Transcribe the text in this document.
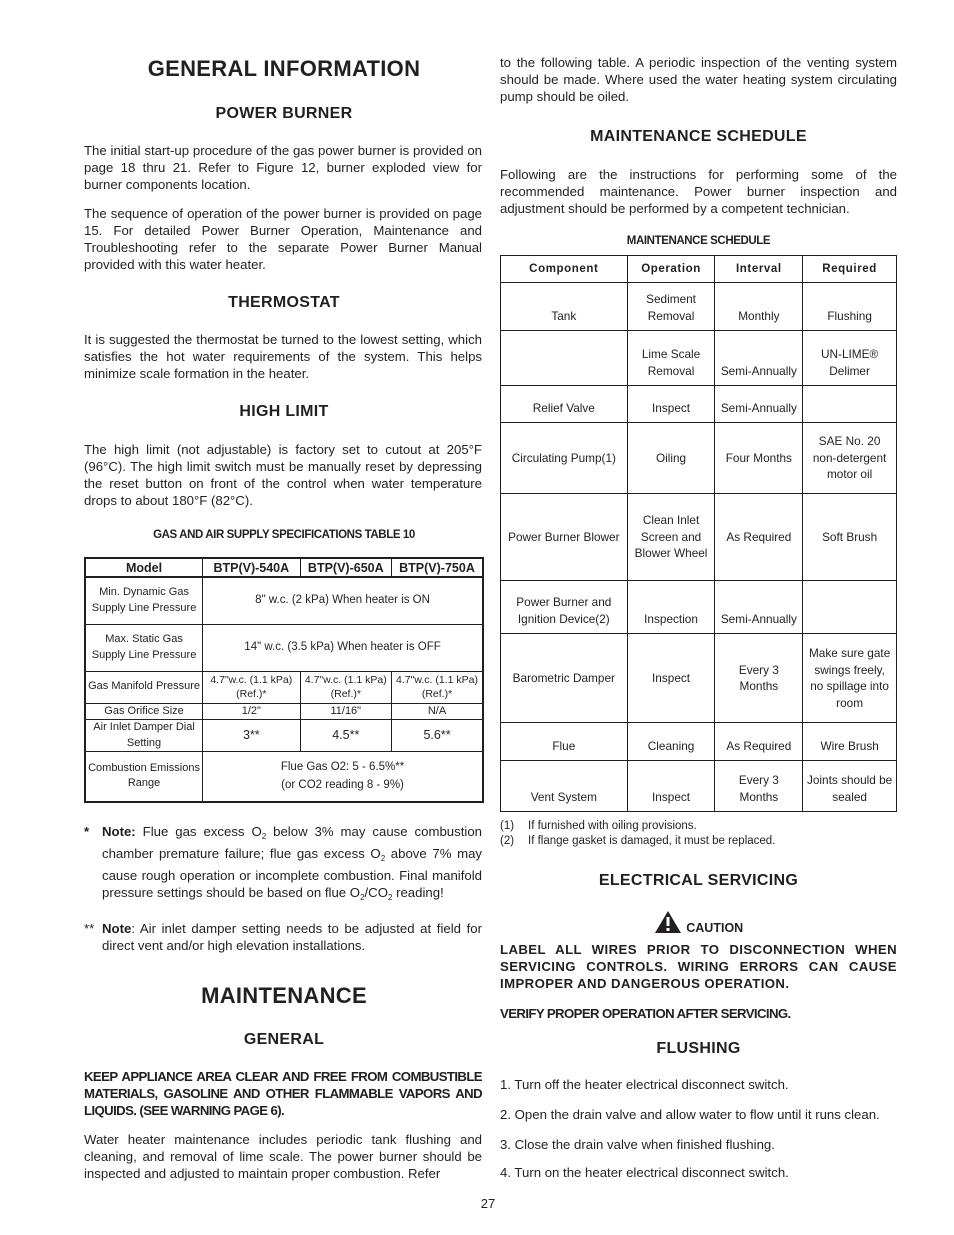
GENERAL INFORMATION
POWER BURNER
The initial start-up procedure of the gas power burner is provided on page 18 thru 21. Refer to Figure 12, burner exploded view for burner components location.
The sequence of operation of the power burner is provided on page 15. For detailed Power Burner Operation, Maintenance and Troubleshooting refer to the separate Power Burner Manual provided with this water heater.
THERMOSTAT
It is suggested the thermostat be turned to the lowest setting, which satisfies the hot water requirements of the system. This helps minimize scale formation in the heater.
HIGH LIMIT
The high limit (not adjustable) is factory set to cutout at 205°F (96°C). The high limit switch must be manually reset by depressing the reset button on front of the control when water temperature drops to about 180°F (82°C).
GAS AND AIR SUPPLY SPECIFICATIONS TABLE 10
Model	BTP(V)-540A	BTP(V)-650A	BTP(V)-750A
Min. Dynamic Gas Supply Line Pressure	8" w.c. (2 kPa) When heater is ON		
Max. Static Gas Supply Line Pressure	14" w.c. (3.5 kPa) When heater is OFF		
Gas Manifold Pressure	4.7"w.c. (1.1 kPa) (Ref.)*	4.7"w.c. (1.1 kPa) (Ref.)*	4.7"w.c. (1.1 kPa) (Ref.)*
Gas Orifice Size	1/2"	11/16"	N/A
Air Inlet Damper Dial Setting	3**	4.5**	5.6**
Combustion Emissions Range	Flue Gas O2: 5 - 6.5%**
(or CO2 reading 8 - 9%)		
* Note: Flue gas excess $O_2$ below 3% may cause combustion chamber premature failure; flue gas excess $O_2$ above 7% may cause rough operation or incomplete combustion. Final manifold pressure settings should be based on flue $O_2/CO_2$ reading!
** Note: Air inlet damper setting needs to be adjusted at field for direct vent and/or high elevation installations.
MAINTENANCE
GENERAL
KEEP APPLIANCE AREA CLEAR AND FREE FROM COMBUSTIBLE MATERIALS, GASOLINE AND OTHER FLAMMABLE VAPORS AND LIQUIDS. (SEE WARNING PAGE 6).
Water heater maintenance includes periodic tank flushing and cleaning, and removal of lime scale. The power burner should be inspected and adjusted to maintain proper combustion. Refer
to the following table. A periodic inspection of the venting system should be made. Where used the water heating system circulating pump should be oiled.
MAINTENANCE SCHEDULE
Following are the instructions for performing some of the recommended maintenance. Power burner inspection and adjustment should be performed by a competent technician.
MAINTENANCE SCHEDULE
Component	Operation	Interval	Required
Tank	Sediment Removal	Monthly	Flushing
	Lime Scale Removal	Semi-Annually	UN-LIME® Delimer
Relief Valve	Inspect	Semi-Annually	
Circulating Pump(1)	Oiling	Four Months	SAE No. 20 non-detergent motor oil
Power Burner Blower	Clean Inlet Screen and Blower Wheel	As Required	Soft Brush
Power Burner and Ignition Device(2)	Inspection	Semi-Annually	
Barometric Damper	Inspect	Every 3 Months	Make sure gate swings freely, no spillage into room
Flue	Cleaning	As Required	Wire Brush
Vent System	Inspect	Every 3 Months	Joints should be sealed
(1) If furnished with oiling provisions.
(2) If flange gasket is damaged, it must be replaced.
ELECTRICAL SERVICING
CAUTION
LABEL ALL WIRES PRIOR TO DISCONNECTION WHEN SERVICING CONTROLS. WIRING ERRORS CAN CAUSE IMPROPER AND DANGEROUS OPERATION.
VERIFY PROPER OPERATION AFTER SERVICING.
FLUSHING
1. Turn off the heater electrical disconnect switch.
2. Open the drain valve and allow water to flow until it runs clean.
3. Close the drain valve when finished flushing.
4. Turn on the heater electrical disconnect switch.
27
